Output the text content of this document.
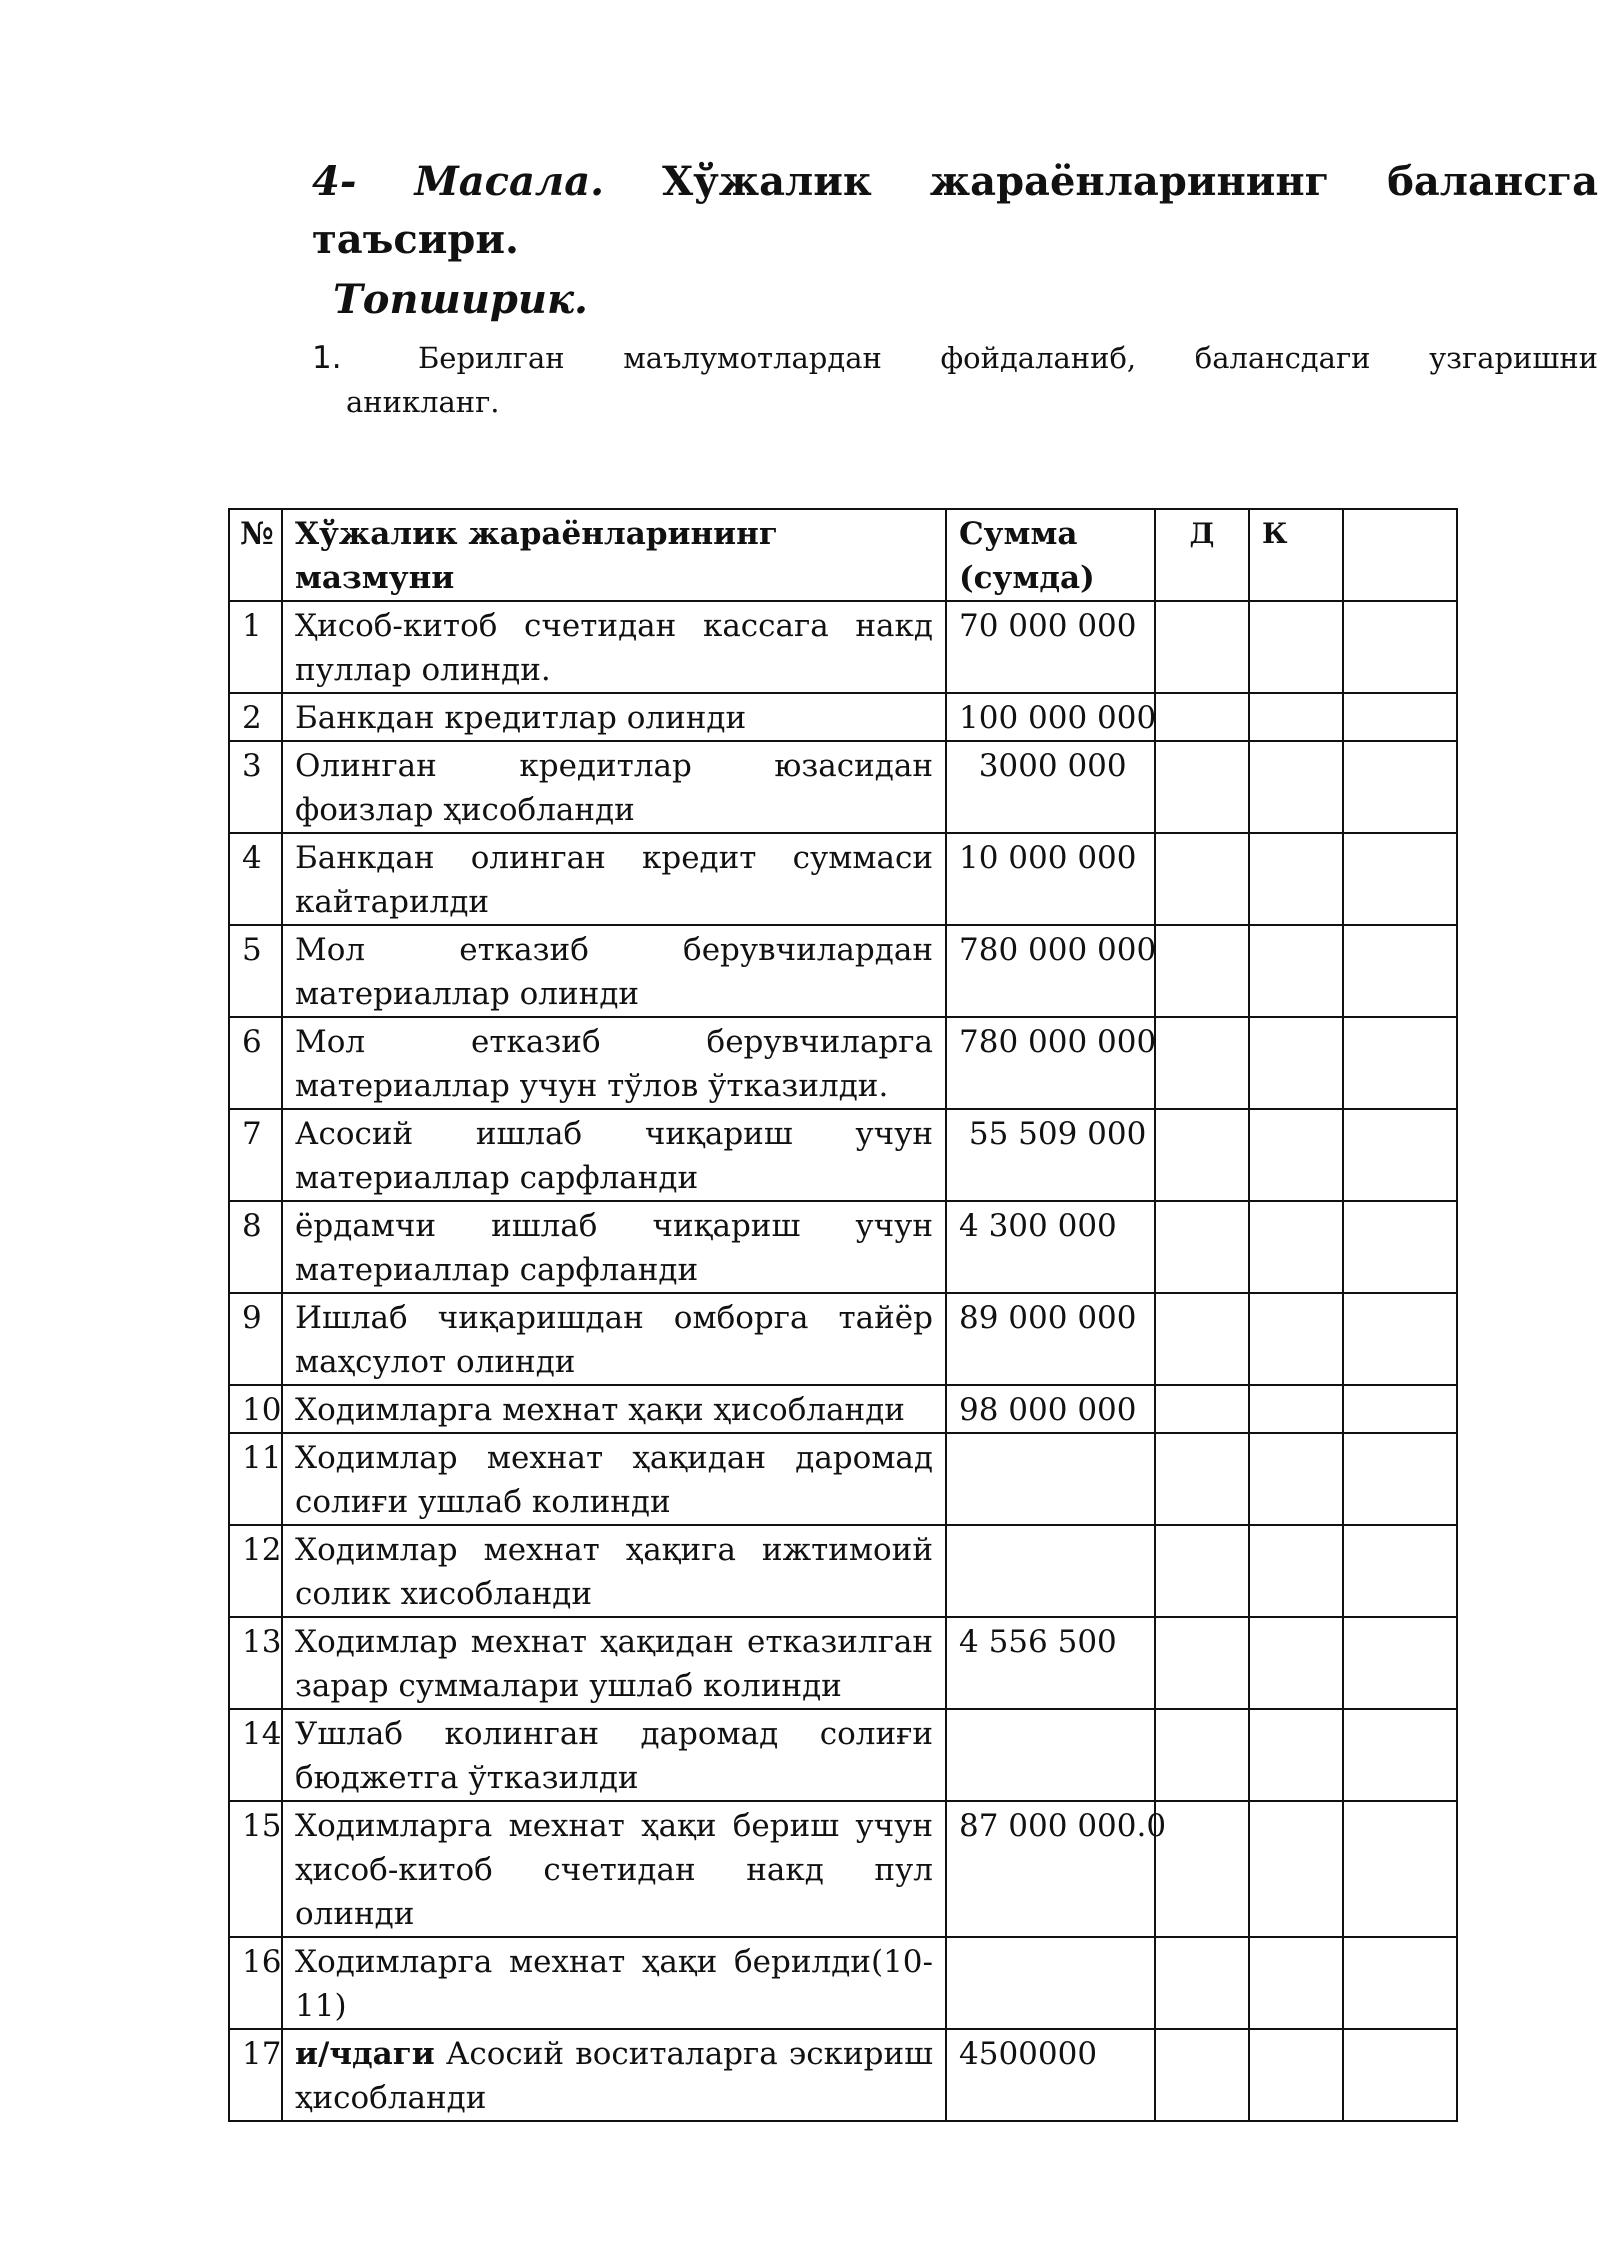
4- Масала. Хўжалик жараёнларининг балансга
таъсири.
Топширик.
1.	Берилган маълумотлардан фойдаланиб, балансдаги узгаришни
аникланг.
№	Хўжалик жараёнларининг мазмуни	Сумма (сумда)	Д	К	
1	Ҳисоб-китоб счетидан кассага накд пуллар олинди.	70 000 000			
2	Банкдан кредитлар олинди	100 000 000			
3	Олинган кредитлар юзасидан фоизлар ҳисобланди	3000 000			
4	Банкдан олинган кредит суммаси кайтарилди	10 000 000			
5	Мол етказиб берувчилардан материаллар олинди	780 000 000			
6	Мол етказиб берувчиларга материаллар учун тўлов ўтказилди.	780 000 000			
7	Асосий ишлаб чиқариш учун материаллар сарфланди	55 509 000			
8	ёрдамчи ишлаб чиқариш учун материаллар сарфланди	4 300 000			
9	Ишлаб чиқаришдан омборга тайёр маҳсулот олинди	89 000 000			
10	Ходимларга мехнат ҳақи ҳисобланди	98 000 000			
11	Ходимлар мехнат ҳақидан даромад солиғи ушлаб колинди				
12	Ходимлар мехнат ҳақига ижтимоий солик хисобланди				
13	Ходимлар мехнат ҳақидан етказилган зарар суммалари ушлаб колинди	4 556 500			
14	Ушлаб колинган даромад солиғи бюджетга ўтказилди				
15	Ходимларга мехнат ҳақи бериш учун ҳисоб-китоб счетидан накд пул олинди	87 000 000.0			
16	Ходимларга мехнат ҳақи берилди(10-11)				
17	и/чдаги Асосий воситаларга эскириш ҳисобланди	4500000			
